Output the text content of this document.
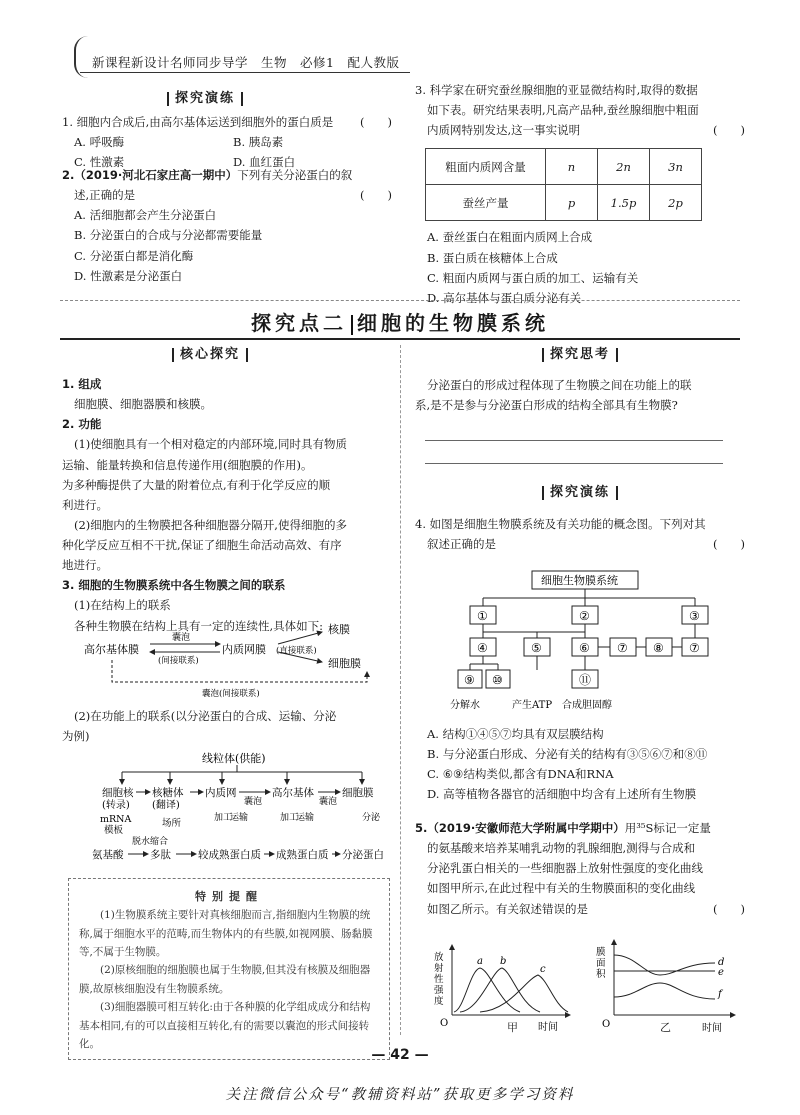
新课程新设计名师同步导学　生物　必修1　配人教版
探究演练

1. 细胞内合成后,由高尔基体运送到细胞外的蛋白质是 (　　)

A. 呼吸酶	B. 胰岛素
C. 性激素	D. 血红蛋白

2.（2019·河北石家庄高一期中）下列有关分泌蛋白的叙

述,正确的是	(　　)

A. 活细胞都会产生分泌蛋白

B. 分泌蛋白的合成与分泌都需要能量

C. 分泌蛋白都是消化酶

D. 性激素是分泌蛋白

3. 科学家在研究蚕丝腺细胞的亚显微结构时,取得的数据

如下表。研究结果表明,凡高产品种,蚕丝腺细胞中粗面

内质网特别发达,这一事实说明	(　　)

粗面内质网含量	n	2n	3n
蚕丝产量	p	1.5p	2p

A. 蚕丝蛋白在粗面内质网上合成

B. 蛋白质在核糖体上合成

C. 粗面内质网与蛋白质的加工、运输有关

D. 高尔基体与蛋白质分泌有关

探究点二 细胞的生物膜系统
核心探究

1. 组成

细胞膜、细胞器膜和核膜。

2. 功能

(1)使细胞具有一个相对稳定的内部环境,同时具有物质

运输、能量转换和信息传递作用(细胞膜的作用)。

为多种酶提供了大量的附着位点,有利于化学反应的顺

利进行。

(2)细胞内的生物膜把各种细胞器分隔开,使得细胞的多

种化学反应互相不干扰,保证了细胞生命活动高效、有序

地进行。

3. 细胞的生物膜系统中各生物膜之间的联系

(1)在结构上的联系

各种生物膜在结构上具有一定的连续性,具体如下:

高尔基体膜
囊泡
(间接联系)
内质网膜 (直接联系)
核膜
细胞膜
囊泡(间接联系)

(2)在功能上的联系(以分泌蛋白的合成、运输、分泌

为例)

线粒体(供能)
细胞核
(转录)
核糖体
(翻译)
内质网	高尔基体	细胞膜
囊泡	囊泡
mRNA
模板
场所	加工
运输	加工
运输	分泌
脱水缩合
氨基酸	多肽	较成熟蛋白质 成熟蛋白质 分泌蛋白
特别提醒
(1)生物膜系统主要针对真核细胞而言,指细胞内生物膜的统称,属于细胞水平的范畴,而生物体内的有些膜,如视网膜、肠黏膜等,不属于生物膜。
(2)原核细胞的细胞膜也属于生物膜,但其没有核膜及细胞器膜,故原核细胞没有生物膜系统。
(3)细胞器膜可相互转化:由于各种膜的化学组成成分和结构基本相同,有的可以直接相互转化,有的需要以囊泡的形式间接转化。
探究思考

分泌蛋白的形成过程体现了生物膜之间在功能上的联

系,是不是参与分泌蛋白形成的结构全部具有生物膜?

探究演练

4. 如图是细胞生物膜系统及有关功能的概念图。下列对其

叙述正确的是	(　　)

细胞生物膜系统
①	②	③
④	⑤	⑥ ⑦ ⑧ ⑦
⑨ ⑩	⑪
分解水	产生ATP 合成胆固醇

A. 结构①④⑤⑦均具有双层膜结构

B. 与分泌蛋白形成、分泌有关的结构有③⑤⑥⑦和⑧⑪

C. ⑥⑨结构类似,都含有DNA和RNA

D. 高等植物各器官的活细胞中均含有上述所有生物膜

5.（2019·安徽师范大学附属中学期中）用³⁵S标记一定量

的氨基酸来培养某哺乳动物的乳腺细胞,测得与合成和

分泌乳蛋白相关的一些细胞器上放射性强度的变化曲线

如图甲所示,在此过程中有关的生物膜面积的变化曲线

如图乙所示。有关叙述错误的是	(　　)

放
射
性
强
度
a b
c
O	时间
甲
膜
面
积
d
e
f
O	时间
乙
— 42 —
关注微信公众号“教辅资料站”获取更多学习资料
